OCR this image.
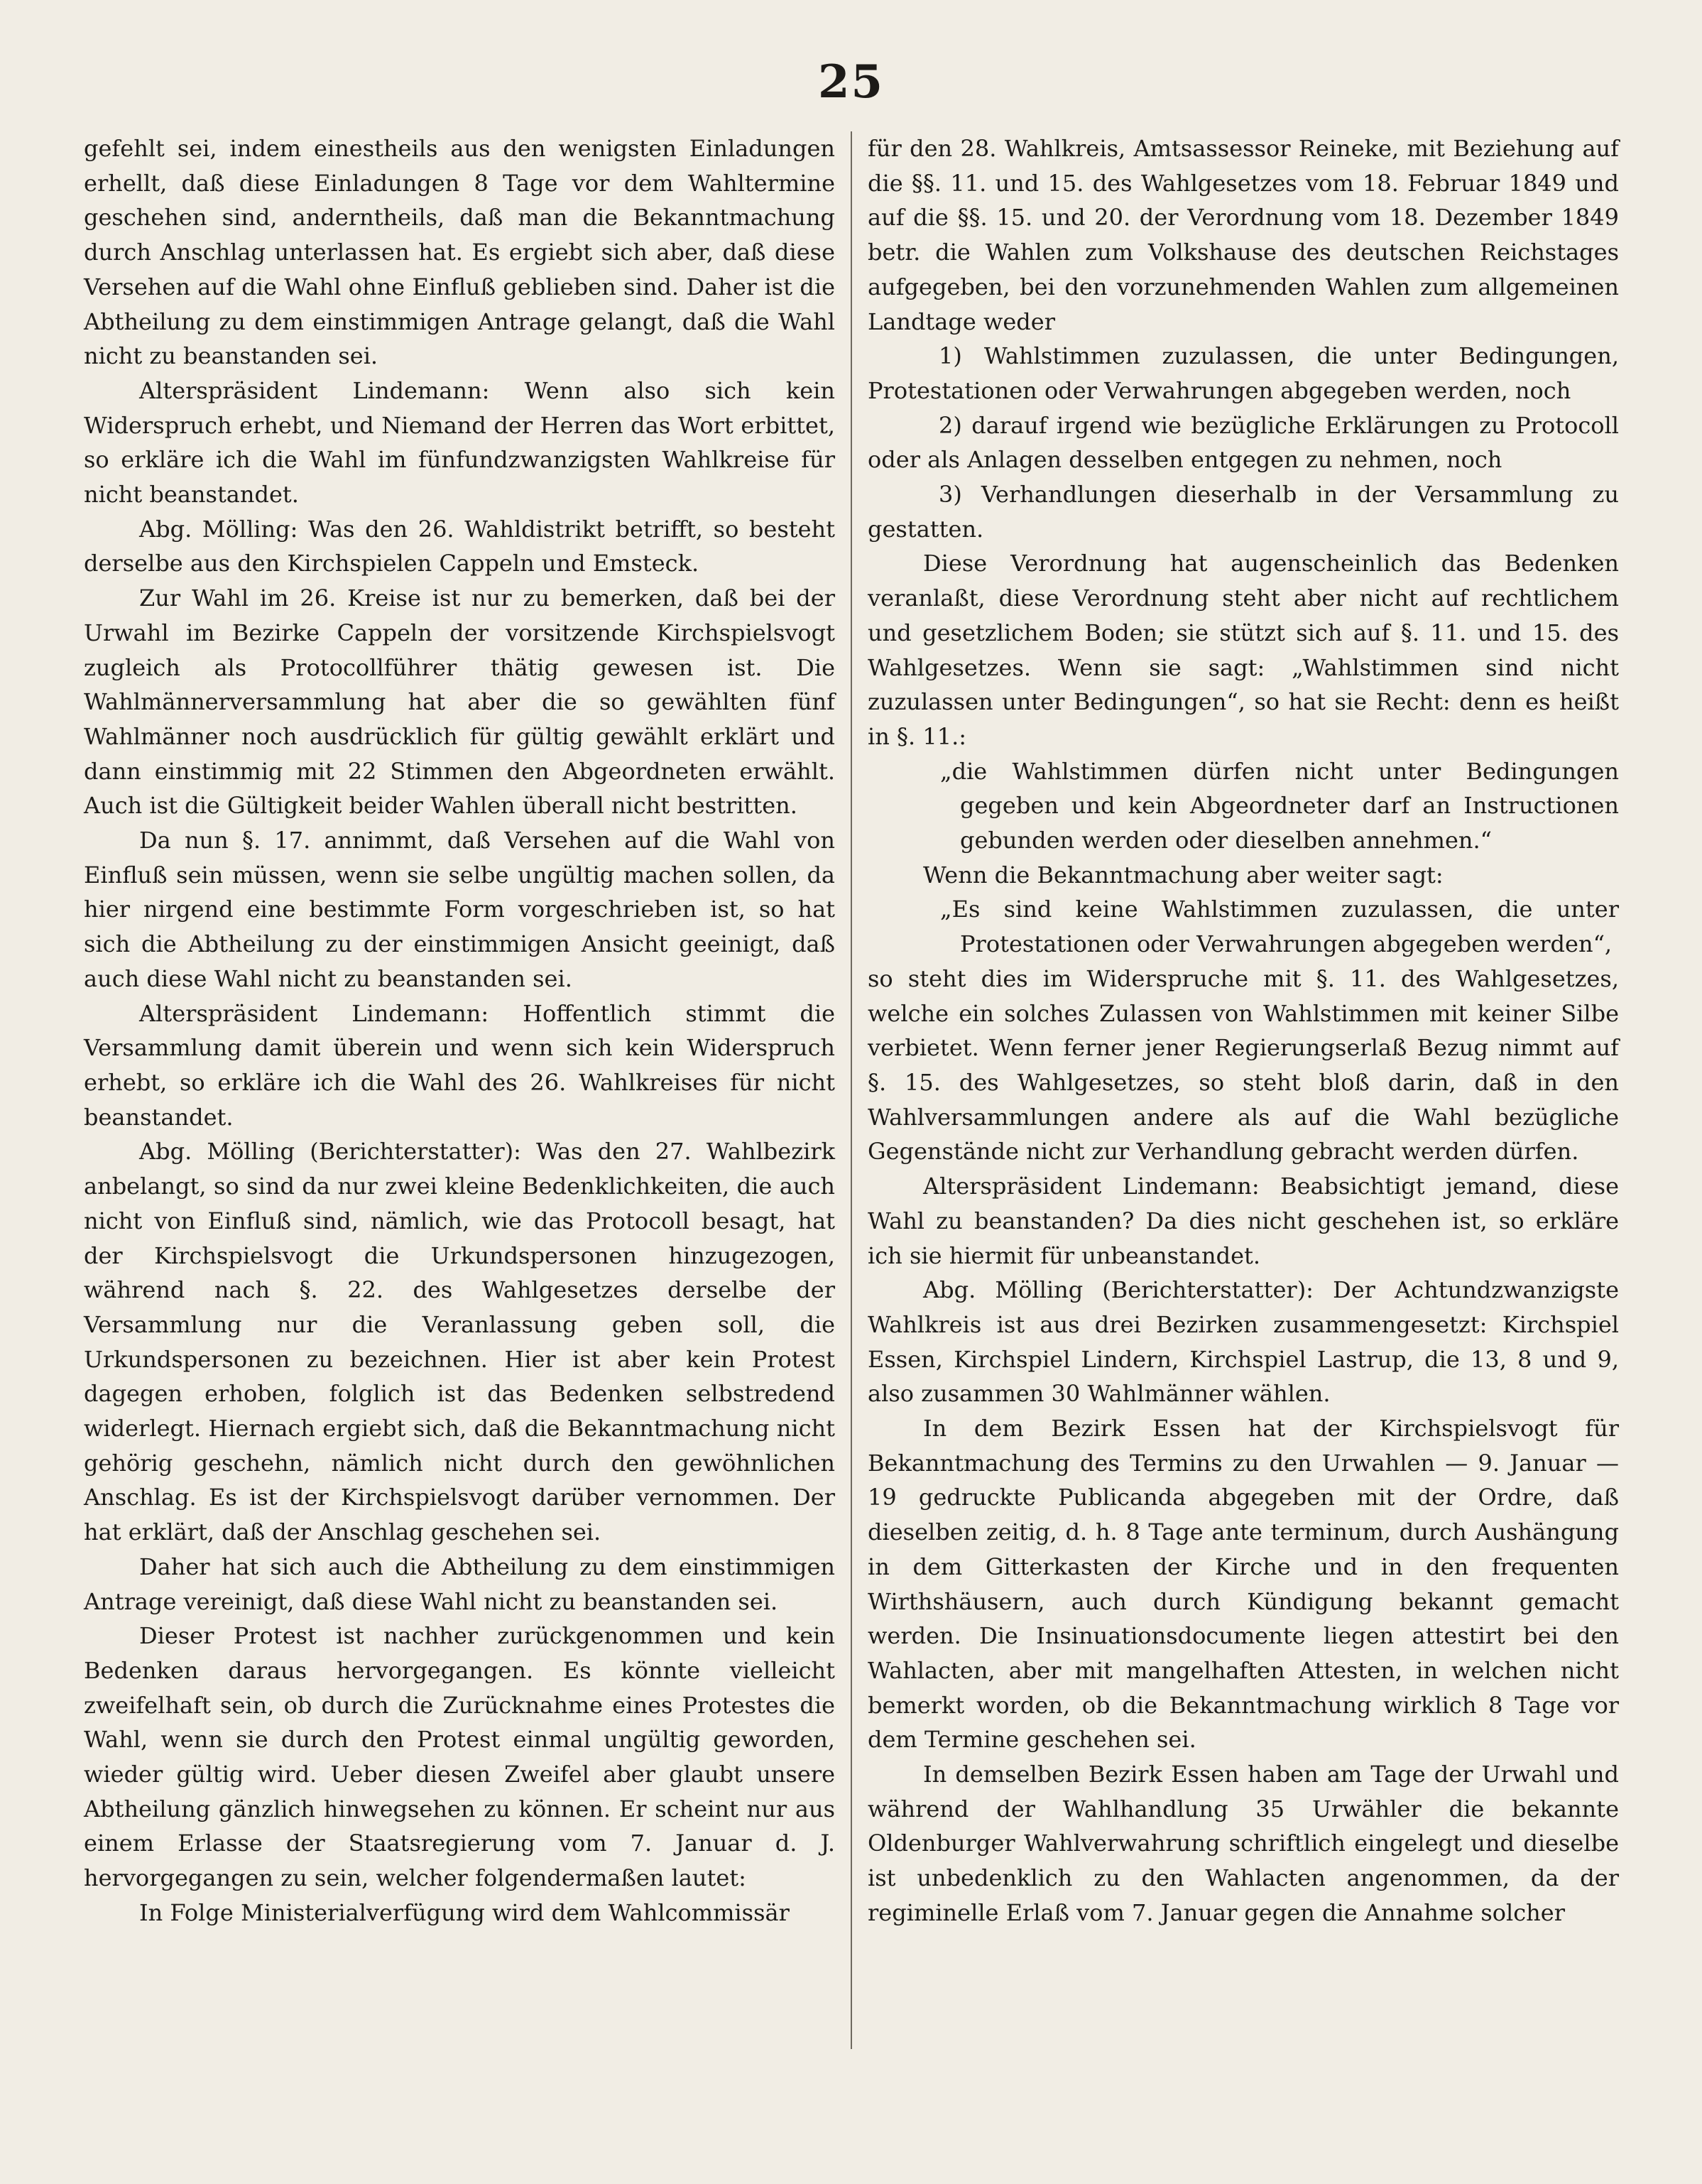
25

gefehlt sei, indem einestheils aus den wenigsten Einladungen erhellt, daß diese Einladungen 8 Tage vor dem Wahltermine geschehen sind, anderntheils, daß man die Bekanntmachung durch Anschlag unterlassen hat. Es ergiebt sich aber, daß diese Versehen auf die Wahl ohne Einfluß geblieben sind. Daher ist die Abtheilung zu dem einstimmigen Antrage gelangt, daß die Wahl nicht zu beanstanden sei.

Alterspräsident Lindemann: Wenn also sich kein Widerspruch erhebt, und Niemand der Herren das Wort erbittet, so erkläre ich die Wahl im fünfundzwanzigsten Wahlkreise für nicht beanstandet.

Abg. Mölling: Was den 26. Wahldistrikt betrifft, so besteht derselbe aus den Kirchspielen Cappeln und Emsteck.

Zur Wahl im 26. Kreise ist nur zu bemerken, daß bei der Urwahl im Bezirke Cappeln der vorsitzende Kirchspielsvogt zugleich als Protocollführer thätig gewesen ist. Die Wahlmännerversammlung hat aber die so gewählten fünf Wahlmänner noch ausdrücklich für gültig gewählt erklärt und dann einstimmig mit 22 Stimmen den Abgeordneten erwählt. Auch ist die Gültigkeit beider Wahlen überall nicht bestritten.

Da nun §. 17. annimmt, daß Versehen auf die Wahl von Einfluß sein müssen, wenn sie selbe ungültig machen sollen, da hier nirgend eine bestimmte Form vorgeschrieben ist, so hat sich die Abtheilung zu der einstimmigen Ansicht geeinigt, daß auch diese Wahl nicht zu beanstanden sei.

Alterspräsident Lindemann: Hoffentlich stimmt die Versammlung damit überein und wenn sich kein Widerspruch erhebt, so erkläre ich die Wahl des 26. Wahlkreises für nicht beanstandet.

Abg. Mölling (Berichterstatter): Was den 27. Wahlbezirk anbelangt, so sind da nur zwei kleine Bedenklichkeiten, die auch nicht von Einfluß sind, nämlich, wie das Protocoll besagt, hat der Kirchspielsvogt die Urkundspersonen hinzugezogen, während nach §. 22. des Wahlgesetzes derselbe der Versammlung nur die Veranlassung geben soll, die Urkundspersonen zu bezeichnen. Hier ist aber kein Protest dagegen erhoben, folglich ist das Bedenken selbstredend widerlegt. Hiernach ergiebt sich, daß die Bekanntmachung nicht gehörig geschehn, nämlich nicht durch den gewöhnlichen Anschlag. Es ist der Kirchspielsvogt darüber vernommen. Der hat erklärt, daß der Anschlag geschehen sei.

Daher hat sich auch die Abtheilung zu dem einstimmigen Antrage vereinigt, daß diese Wahl nicht zu beanstanden sei.

Dieser Protest ist nachher zurückgenommen und kein Bedenken daraus hervorgegangen. Es könnte vielleicht zweifelhaft sein, ob durch die Zurücknahme eines Protestes die Wahl, wenn sie durch den Protest einmal ungültig geworden, wieder gültig wird. Ueber diesen Zweifel aber glaubt unsere Abtheilung gänzlich hinwegsehen zu können. Er scheint nur aus einem Erlasse der Staatsregierung vom 7. Januar d. J. hervorgegangen zu sein, welcher folgendermaßen lautet:

In Folge Ministerialverfügung wird dem Wahlcommissär

für den 28. Wahlkreis, Amtsassessor Reineke, mit Beziehung auf die §§. 11. und 15. des Wahlgesetzes vom 18. Februar 1849 und auf die §§. 15. und 20. der Verordnung vom 18. Dezember 1849 betr. die Wahlen zum Volkshause des deutschen Reichstages aufgegeben, bei den vorzunehmenden Wahlen zum allgemeinen Landtage weder

1) Wahlstimmen zuzulassen, die unter Bedingungen, Protestationen oder Verwahrungen abgegeben werden, noch

2) darauf irgend wie bezügliche Erklärungen zu Protocoll oder als Anlagen desselben entgegen zu nehmen, noch

3) Verhandlungen dieserhalb in der Versammlung zu gestatten.

Diese Verordnung hat augenscheinlich das Bedenken veranlaßt, diese Verordnung steht aber nicht auf rechtlichem und gesetzlichem Boden; sie stützt sich auf §. 11. und 15. des Wahlgesetzes. Wenn sie sagt: „Wahlstimmen sind nicht zuzulassen unter Bedingungen“, so hat sie Recht: denn es heißt in §. 11.:

„die Wahlstimmen dürfen nicht unter Bedingungen gegeben und kein Abgeordneter darf an Instructionen gebunden werden oder dieselben annehmen.“

Wenn die Bekanntmachung aber weiter sagt:

„Es sind keine Wahlstimmen zuzulassen, die unter Protestationen oder Verwahrungen abgegeben werden“,

so steht dies im Widerspruche mit §. 11. des Wahlgesetzes, welche ein solches Zulassen von Wahlstimmen mit keiner Silbe verbietet. Wenn ferner jener Regierungserlaß Bezug nimmt auf §. 15. des Wahlgesetzes, so steht bloß darin, daß in den Wahlversammlungen andere als auf die Wahl bezügliche Gegenstände nicht zur Verhandlung gebracht werden dürfen.

Alterspräsident Lindemann: Beabsichtigt jemand, diese Wahl zu beanstanden? Da dies nicht geschehen ist, so erkläre ich sie hiermit für unbeanstandet.

Abg. Mölling (Berichterstatter): Der Achtundzwanzigste Wahlkreis ist aus drei Bezirken zusammengesetzt: Kirchspiel Essen, Kirchspiel Lindern, Kirchspiel Lastrup, die 13, 8 und 9, also zusammen 30 Wahlmänner wählen.

In dem Bezirk Essen hat der Kirchspielsvogt für Bekanntmachung des Termins zu den Urwahlen — 9. Januar — 19 gedruckte Publicanda abgegeben mit der Ordre, daß dieselben zeitig, d. h. 8 Tage ante terminum, durch Aushängung in dem Gitterkasten der Kirche und in den frequenten Wirthshäusern, auch durch Kündigung bekannt gemacht werden. Die Insinuationsdocumente liegen attestirt bei den Wahlacten, aber mit mangelhaften Attesten, in welchen nicht bemerkt worden, ob die Bekanntmachung wirklich 8 Tage vor dem Termine geschehen sei.

In demselben Bezirk Essen haben am Tage der Urwahl und während der Wahlhandlung 35 Urwähler die bekannte Oldenburger Wahlverwahrung schriftlich eingelegt und dieselbe ist unbedenklich zu den Wahlacten angenommen, da der regiminelle Erlaß vom 7. Januar gegen die Annahme solcher
